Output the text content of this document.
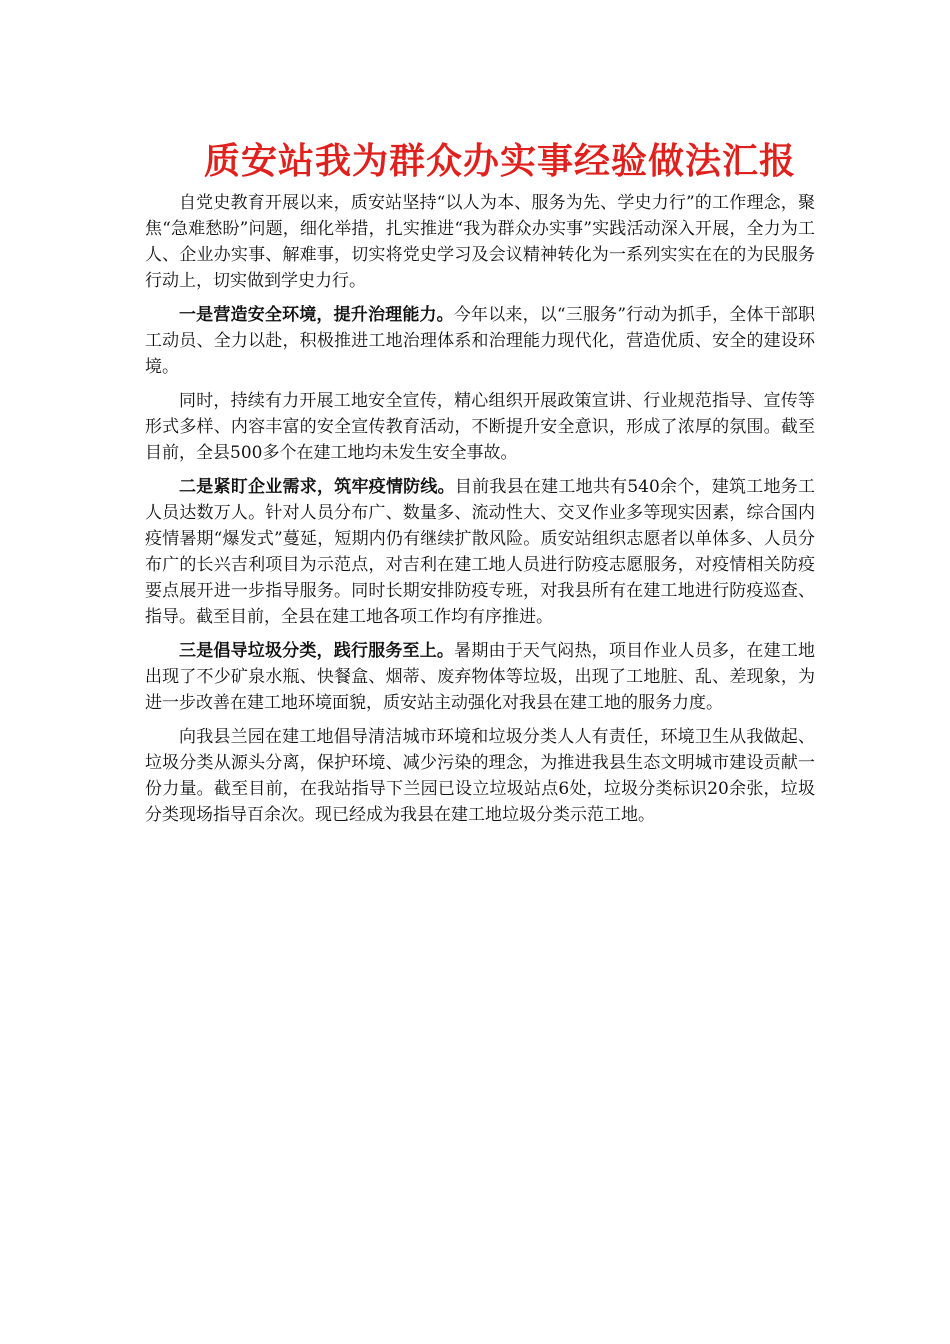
质安站我为群众办实事经验做法汇报

自党史教育开展以来，质安站坚持“以人为本、服务为先、学史力行”的工作理念，聚焦“急难愁盼”问题，细化举措，扎实推进“我为群众办实事”实践活动深入开展，全力为工人、企业办实事、解难事，切实将党史学习及会议精神转化为一系列实实在在的为民服务行动上，切实做到学史力行。

一是营造安全环境，提升治理能力。今年以来，以“三服务”行动为抓手，全体干部职工动员、全力以赴，积极推进工地治理体系和治理能力现代化，营造优质、安全的建设环境。

同时，持续有力开展工地安全宣传，精心组织开展政策宣讲、行业规范指导、宣传等形式多样、内容丰富的安全宣传教育活动，不断提升安全意识，形成了浓厚的氛围。截至目前，全县500多个在建工地均未发生安全事故。

二是紧盯企业需求，筑牢疫情防线。目前我县在建工地共有540余个，建筑工地务工人员达数万人。针对人员分布广、数量多、流动性大、交叉作业多等现实因素，综合国内疫情暑期“爆发式”蔓延，短期内仍有继续扩散风险。质安站组织志愿者以单体多、人员分布广的长兴吉利项目为示范点，对吉利在建工地人员进行防疫志愿服务，对疫情相关防疫要点展开进一步指导服务。同时长期安排防疫专班，对我县所有在建工地进行防疫巡查、指导。截至目前，全县在建工地各项工作均有序推进。

三是倡导垃圾分类，践行服务至上。暑期由于天气闷热，项目作业人员多，在建工地出现了不少矿泉水瓶、快餐盒、烟蒂、废弃物体等垃圾，出现了工地脏、乱、差现象，为进一步改善在建工地环境面貌，质安站主动强化对我县在建工地的服务力度。

向我县兰园在建工地倡导清洁城市环境和垃圾分类人人有责任，环境卫生从我做起、垃圾分类从源头分离，保护环境、减少污染的理念，为推进我县生态文明城市建设贡献一份力量。截至目前，在我站指导下兰园已设立垃圾站点6处，垃圾分类标识20余张，垃圾分类现场指导百余次。现已经成为我县在建工地垃圾分类示范工地。
